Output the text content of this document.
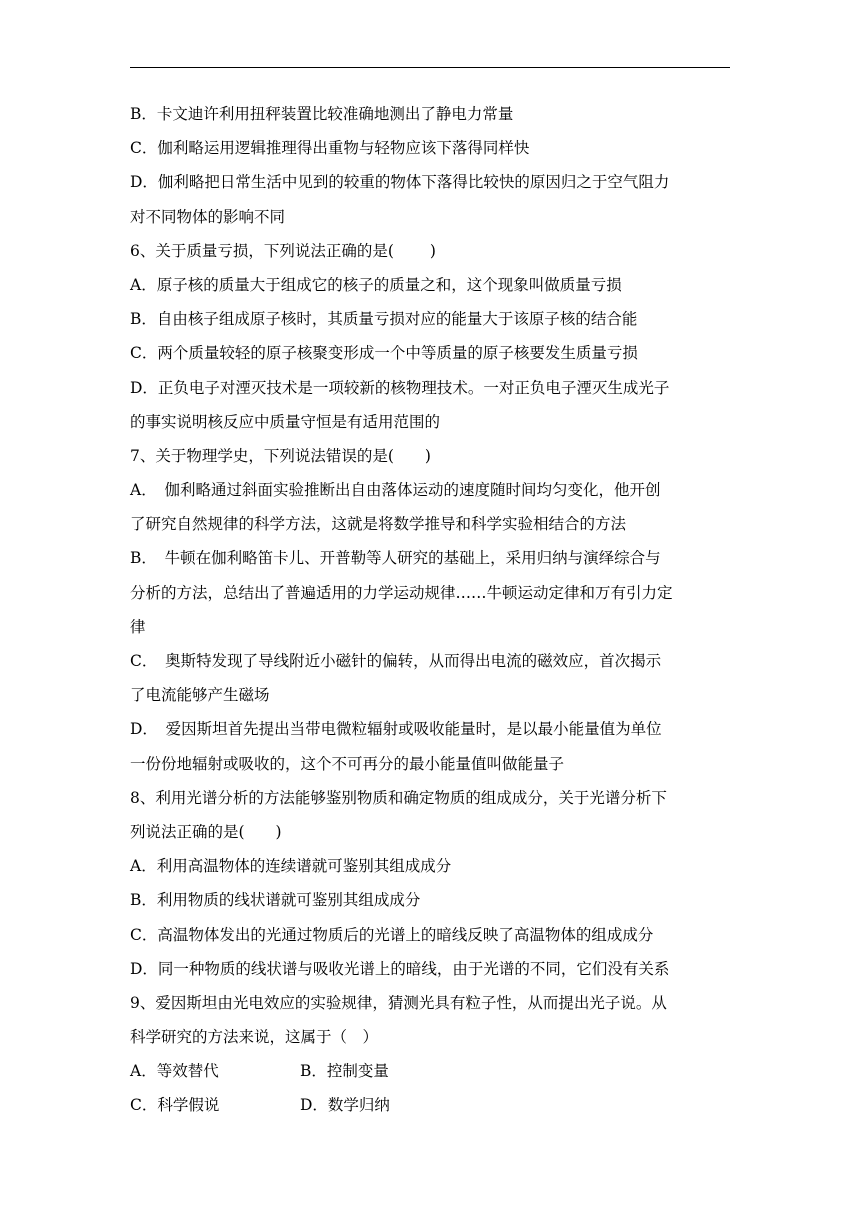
B．卡文迪许利用扭秤装置比较准确地测出了静电力常量
C．伽利略运用逻辑推理得出重物与轻物应该下落得同样快
D．伽利略把日常生活中见到的较重的物体下落得比较快的原因归之于空气阻力
对不同物体的影响不同
6、关于质量亏损，下列说法正确的是(　　 )
A．原子核的质量大于组成它的核子的质量之和，这个现象叫做质量亏损
B．自由核子组成原子核时，其质量亏损对应的能量大于该原子核的结合能
C．两个质量较轻的原子核聚变形成一个中等质量的原子核要发生质量亏损
D．正负电子对湮灭技术是一项较新的核物理技术。一对正负电子湮灭生成光子
的事实说明核反应中质量守恒是有适用范围的
7、关于物理学史，下列说法错误的是(　　)
A．　伽利略通过斜面实验推断出自由落体运动的速度随时间均匀变化，他开创
了研究自然规律的科学方法，这就是将数学推导和科学实验相结合的方法
B．　牛顿在伽利略笛卡儿、开普勒等人研究的基础上，采用归纳与演绎综合与
分析的方法，总结出了普遍适用的力学运动规律……牛顿运动定律和万有引力定
律
C．　奥斯特发现了导线附近小磁针的偏转，从而得出电流的磁效应，首次揭示
了电流能够产生磁场
D．　爱因斯坦首先提出当带电微粒辐射或吸收能量时，是以最小能量值为单位
一份份地辐射或吸收的，这个不可再分的最小能量值叫做能量子
8、利用光谱分析的方法能够鉴别物质和确定物质的组成成分，关于光谱分析下
列说法正确的是(　　)
A．利用高温物体的连续谱就可鉴别其组成成分
B．利用物质的线状谱就可鉴别其组成成分
C．高温物体发出的光通过物质后的光谱上的暗线反映了高温物体的组成成分
D．同一种物质的线状谱与吸收光谱上的暗线，由于光谱的不同，它们没有关系
9、爱因斯坦由光电效应的实验规律，猜测光具有粒子性，从而提出光子说。从
科学研究的方法来说，这属于（　）
A．等效替代	B．控制变量
C．科学假说	D．数学归纳
